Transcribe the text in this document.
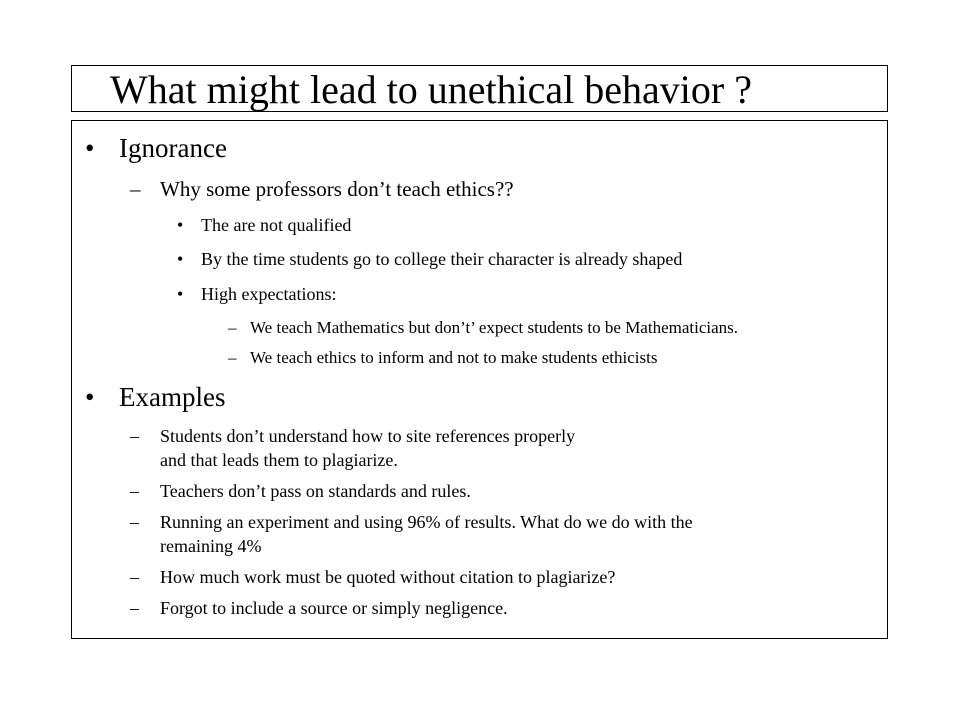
What might lead to unethical behavior ?
• Ignorance
– Why some professors don’t teach ethics??
• The are not qualified
• By the time students go to college their character is already shaped
• High expectations:
– We teach Mathematics but don’t’ expect students to be Mathematicians.
– We teach ethics to inform and not to make students ethicists
• Examples
– Students don’t understand how to site references properly
and that leads them to plagiarize.
– Teachers don’t pass on standards and rules.
– Running an experiment and using 96% of results. What do we do with the
remaining 4%
– How much work must be quoted without citation to plagiarize?
– Forgot to include a source or simply negligence.
